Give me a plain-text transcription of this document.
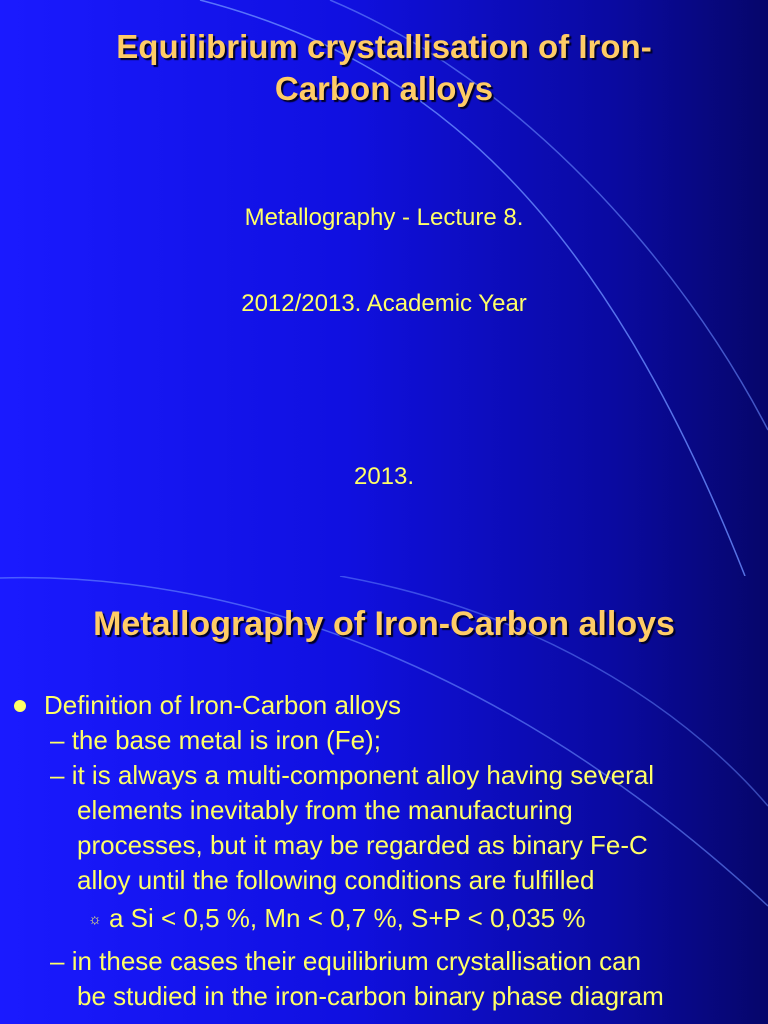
Equilibrium crystallisation of Iron-
Carbon alloys
Metallography - Lecture 8.
2012/2013. Academic Year
2013.
Metallography of Iron-Carbon alloys
Definition of Iron-Carbon alloys
– the base metal is iron (Fe);
– it is always a multi-component alloy having several
elements inevitably from the manufacturing
processes, but it may be regarded as binary Fe-C
alloy until the following conditions are fulfilled
☼ a Si < 0,5 %, Mn < 0,7 %, S+P < 0,035 %
– in these cases their equilibrium crystallisation can
be studied in the iron-carbon binary phase diagram
